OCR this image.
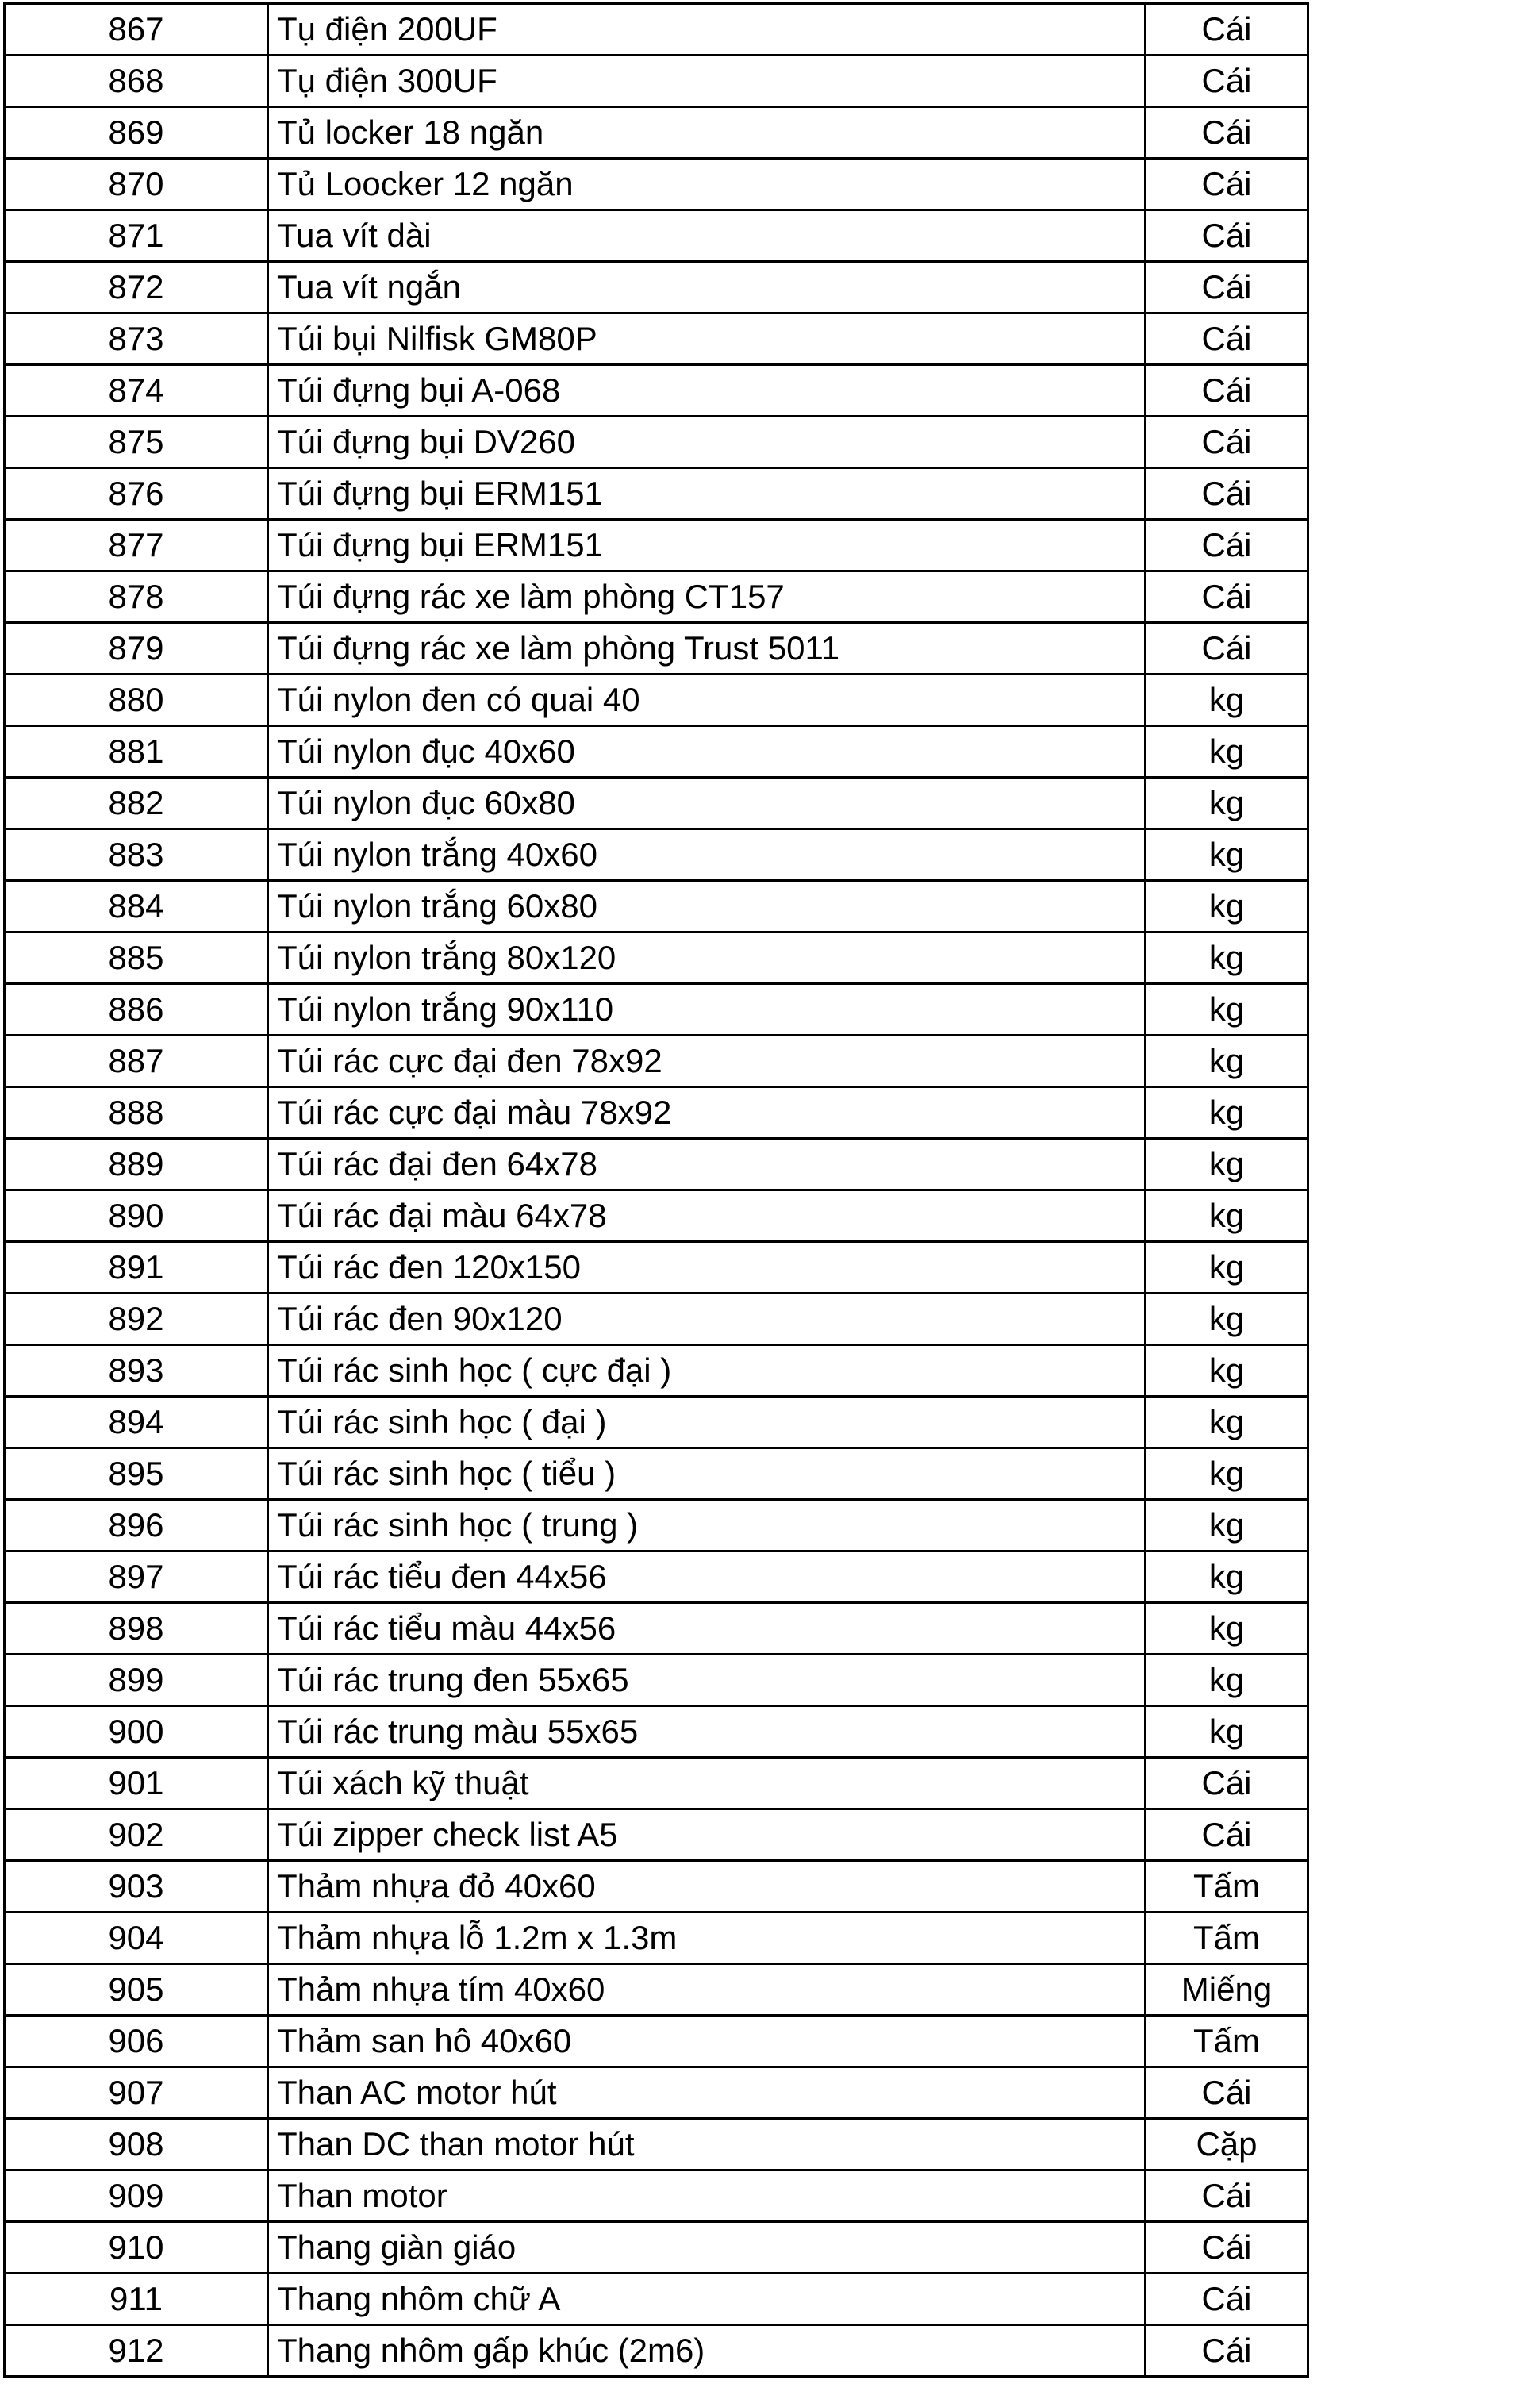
867	Tụ điện 200UF	Cái
868	Tụ điện 300UF	Cái
869	Tủ locker 18 ngăn	Cái
870	Tủ Loocker 12 ngăn	Cái
871	Tua vít dài	Cái
872	Tua vít ngắn	Cái
873	Túi bụi Nilfisk GM80P	Cái
874	Túi đựng bụi A-068	Cái
875	Túi đựng bụi DV260	Cái
876	Túi đựng bụi ERM151	Cái
877	Túi đựng bụi ERM151	Cái
878	Túi đựng rác xe làm phòng CT157	Cái
879	Túi đựng rác xe làm phòng Trust 5011	Cái
880	Túi nylon đen có quai 40	kg
881	Túi nylon đục 40x60	kg
882	Túi nylon đục 60x80	kg
883	Túi nylon trắng 40x60	kg
884	Túi nylon trắng 60x80	kg
885	Túi nylon trắng 80x120	kg
886	Túi nylon trắng 90x110	kg
887	Túi rác cực đại đen 78x92	kg
888	Túi rác cực đại màu 78x92	kg
889	Túi rác đại đen 64x78	kg
890	Túi rác đại màu 64x78	kg
891	Túi rác đen 120x150	kg
892	Túi rác đen 90x120	kg
893	Túi rác sinh học ( cực đại )	kg
894	Túi rác sinh học ( đại )	kg
895	Túi rác sinh học ( tiểu )	kg
896	Túi rác sinh học ( trung )	kg
897	Túi rác tiểu đen 44x56	kg
898	Túi rác tiểu màu 44x56	kg
899	Túi rác trung đen 55x65	kg
900	Túi rác trung màu 55x65	kg
901	Túi xách kỹ thuật	Cái
902	Túi zipper check list A5	Cái
903	Thảm nhựa đỏ 40x60	Tấm
904	Thảm nhựa lỗ 1.2m x 1.3m	Tấm
905	Thảm nhựa tím 40x60	Miếng
906	Thảm san hô 40x60	Tấm
907	Than AC motor hút	Cái
908	Than DC than motor hút	Cặp
909	Than motor	Cái
910	Thang giàn giáo	Cái
911	Thang nhôm chữ A	Cái
912	Thang nhôm gấp khúc (2m6)	Cái
